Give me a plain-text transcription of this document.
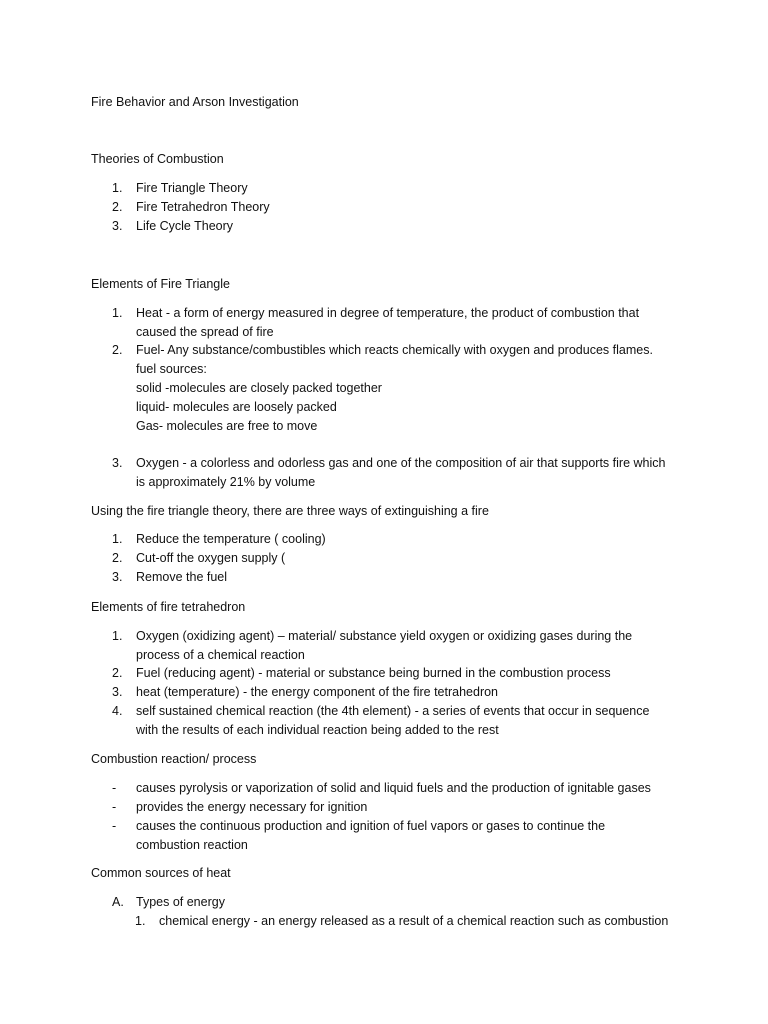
Fire Behavior and Arson Investigation
Theories of Combustion
1. Fire Triangle Theory
2. Fire Tetrahedron Theory
3. Life Cycle Theory
Elements of Fire Triangle
1. Heat - a form of energy measured in degree of temperature, the product of combustion that
caused the spread of fire
2. Fuel- Any substance/combustibles which reacts chemically with oxygen and produces flames.
fuel sources:
solid -molecules are closely packed together
liquid- molecules are loosely packed
Gas- molecules are free to move
3. Oxygen - a colorless and odorless gas and one of the composition of air that supports fire which
is approximately 21% by volume
Using the fire triangle theory, there are three ways of extinguishing a fire
1. Reduce the temperature ( cooling)
2. Cut-off the oxygen supply (
3. Remove the fuel
Elements of fire tetrahedron
1. Oxygen (oxidizing agent) – material/ substance yield oxygen or oxidizing gases during the
process of a chemical reaction
2. Fuel (reducing agent) - material or substance being burned in the combustion process
3. heat (temperature) - the energy component of the fire tetrahedron
4. self sustained chemical reaction (the 4th element) - a series of events that occur in sequence
with the results of each individual reaction being added to the rest
Combustion reaction/ process
- causes pyrolysis or vaporization of solid and liquid fuels and the production of ignitable gases
- provides the energy necessary for ignition
- causes the continuous production and ignition of fuel vapors or gases to continue the
combustion reaction
Common sources of heat
A. Types of energy
1. chemical energy - an energy released as a result of a chemical reaction such as combustion
